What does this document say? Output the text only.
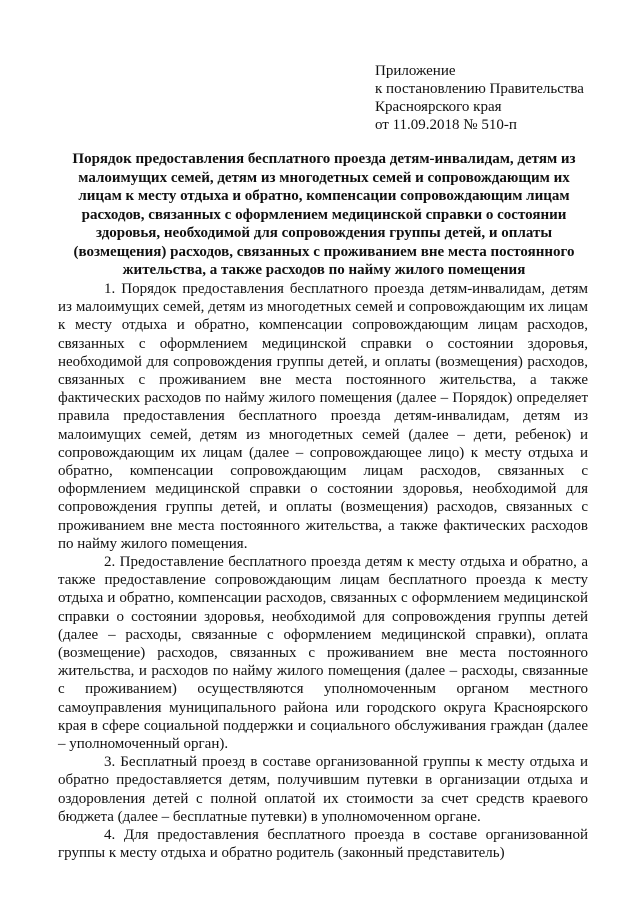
Приложение
к постановлению Правительства
Красноярского края
от 11.09.2018 № 510-п
Порядок предоставления бесплатного проезда детям-инвалидам, детям из малоимущих семей, детям из многодетных семей и сопровождающим их лицам к месту отдыха и обратно, компенсации сопровождающим лицам расходов, связанных с оформлением медицинской справки о состоянии здоровья, необходимой для сопровождения группы детей, и оплаты (возмещения) расходов, связанных с проживанием вне места постоянного жительства, а также расходов по найму жилого помещения

1. Порядок предоставления бесплатного проезда детям-инвалидам, детям из малоимущих семей, детям из многодетных семей и сопровождающим их лицам к месту отдыха и обратно, компенсации сопровождающим лицам расходов, связанных с оформлением медицинской справки о состоянии здоровья, необходимой для сопровождения группы детей, и оплаты (возмещения) расходов, связанных с проживанием вне места постоянного жительства, а также фактических расходов по найму жилого помещения (далее – Порядок) определяет правила предоставления бесплатного проезда детям-инвалидам, детям из малоимущих семей, детям из многодетных семей (далее – дети, ребенок) и сопровождающим их лицам (далее – сопровождающее лицо) к месту отдыха и обратно, компенсации сопровождающим лицам расходов, связанных с оформлением медицинской справки о состоянии здоровья, необходимой для сопровождения группы детей, и оплаты (возмещения) расходов, связанных с проживанием вне места постоянного жительства, а также фактических расходов по найму жилого помещения.

2. Предоставление бесплатного проезда детям к месту отдыха и обратно, а также предоставление сопровождающим лицам бесплатного проезда к месту отдыха и обратно, компенсации расходов, связанных с оформлением медицинской справки о состоянии здоровья, необходимой для сопровождения группы детей (далее – расходы, связанные с оформлением медицинской справки), оплата (возмещение) расходов, связанных с проживанием вне места постоянного жительства, и расходов по найму жилого помещения (далее – расходы, связанные с проживанием) осуществляются уполномоченным органом местного самоуправления муниципального района или городского округа Красноярского края в сфере социальной поддержки и социального обслуживания граждан (далее – уполномоченный орган).

3. Бесплатный проезд в составе организованной группы к месту отдыха и обратно предоставляется детям, получившим путевки в организации отдыха и оздоровления детей с полной оплатой их стоимости за счет средств краевого бюджета (далее – бесплатные путевки) в уполномоченном органе.

4. Для предоставления бесплатного проезда в составе организованной группы к месту отдыха и обратно родитель (законный представитель)
